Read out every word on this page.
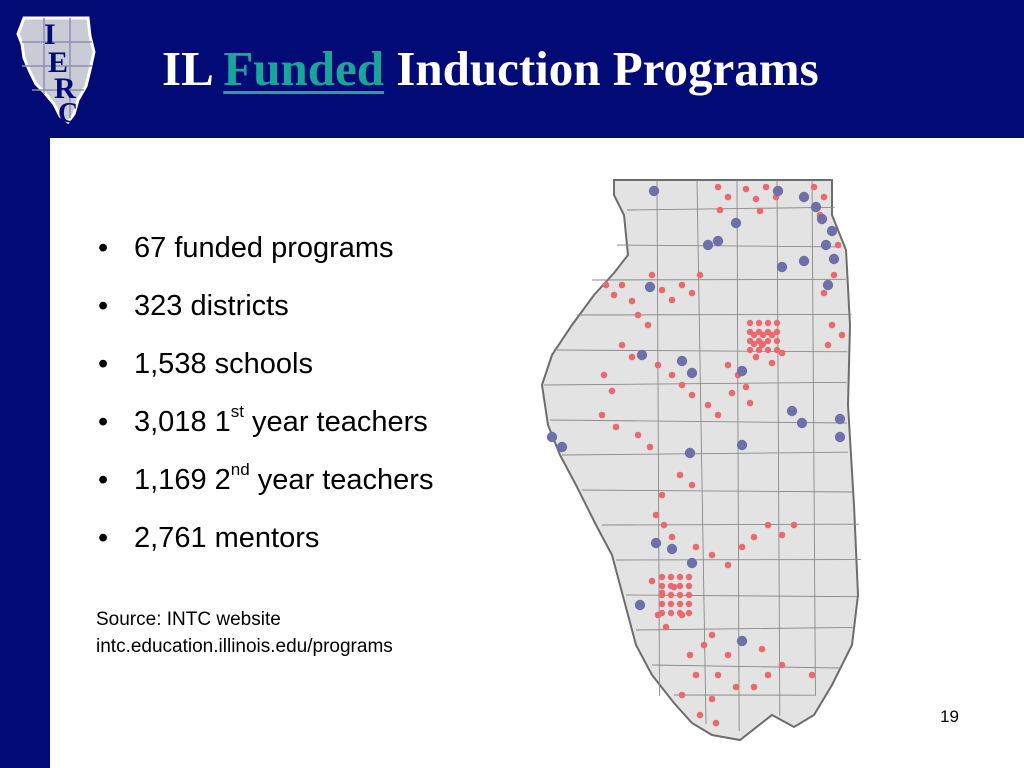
I
E
R
C
IL Funded Induction Programs
• 67 funded programs
• 323 districts
• 1,538 schools
• 3,018 1st year teachers
• 1,169 2nd year teachers
• 2,761 mentors
Source: INTC website
intc.education.illinois.edu/programs
19
